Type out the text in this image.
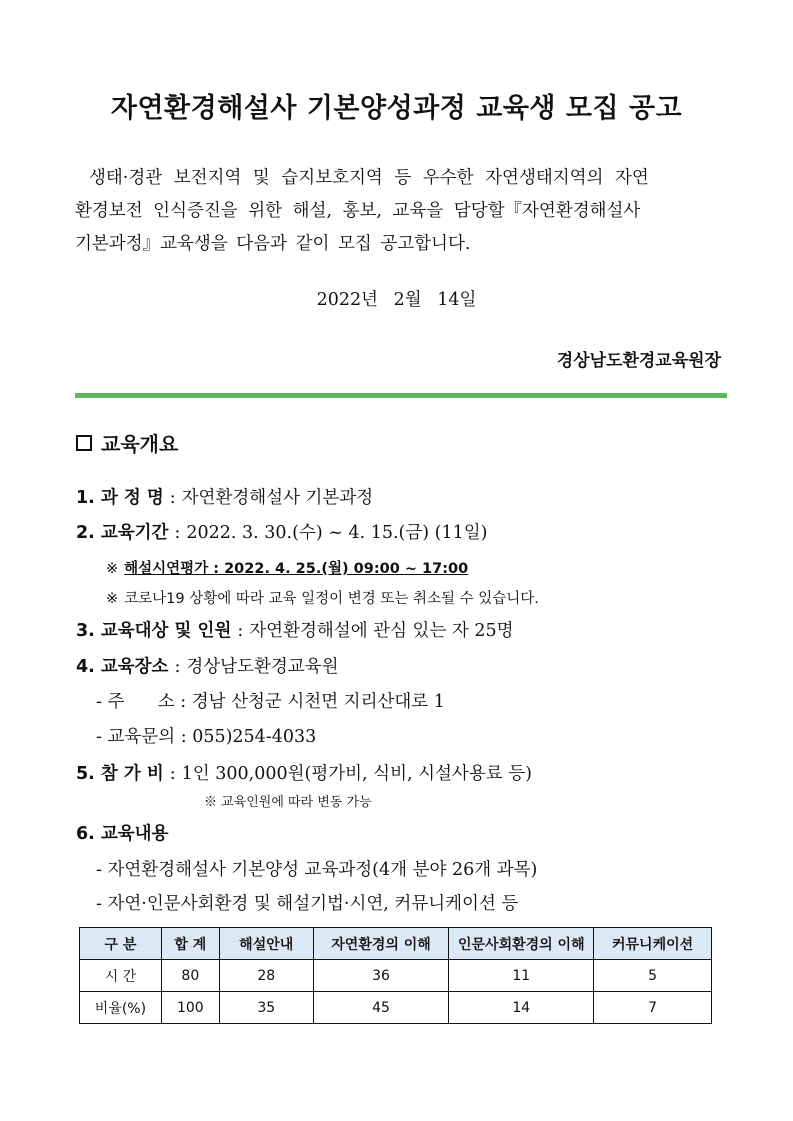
자연환경해설사 기본양성과정 교육생 모집 공고
생태·경관 보전지역 및 습지보호지역 등 우수한 자연생태지역의 자연
환경보전 인식증진을 위한 해설, 홍보, 교육을 담당할『자연환경해설사
기본과정』교육생을 다음과 같이 모집 공고합니다.
2022년 2월 14일
경상남도환경교육원장
교육개요
1. 과 정 명 : 자연환경해설사 기본과정
2. 교육기간 : 2022. 3. 30.(수) ~ 4. 15.(금) (11일)
※ 해설시연평가 : 2022. 4. 25.(월) 09:00 ~ 17:00
※ 코로나19 상황에 따라 교육 일정이 변경 또는 취소될 수 있습니다.
3. 교육대상 및 인원 : 자연환경해설에 관심 있는 자 25명
4. 교육장소 : 경상남도환경교육원
- 주      소 : 경남 산청군 시천면 지리산대로 1
- 교육문의 : 055)254-4033
5. 참 가 비 : 1인 300,000원(평가비, 식비, 시설사용료 등)
※ 교육인원에 따라 변동 가능
6. 교육내용
- 자연환경해설사 기본양성 교육과정(4개 분야 26개 과목)
- 자연·인문사회환경 및 해설기법·시연, 커뮤니케이션 등
구 분	합 계	해설안내	자연환경의 이해	인문사회환경의 이해	커뮤니케이션
시 간	80	28	36	11	5
비율(%)	100	35	45	14	7
